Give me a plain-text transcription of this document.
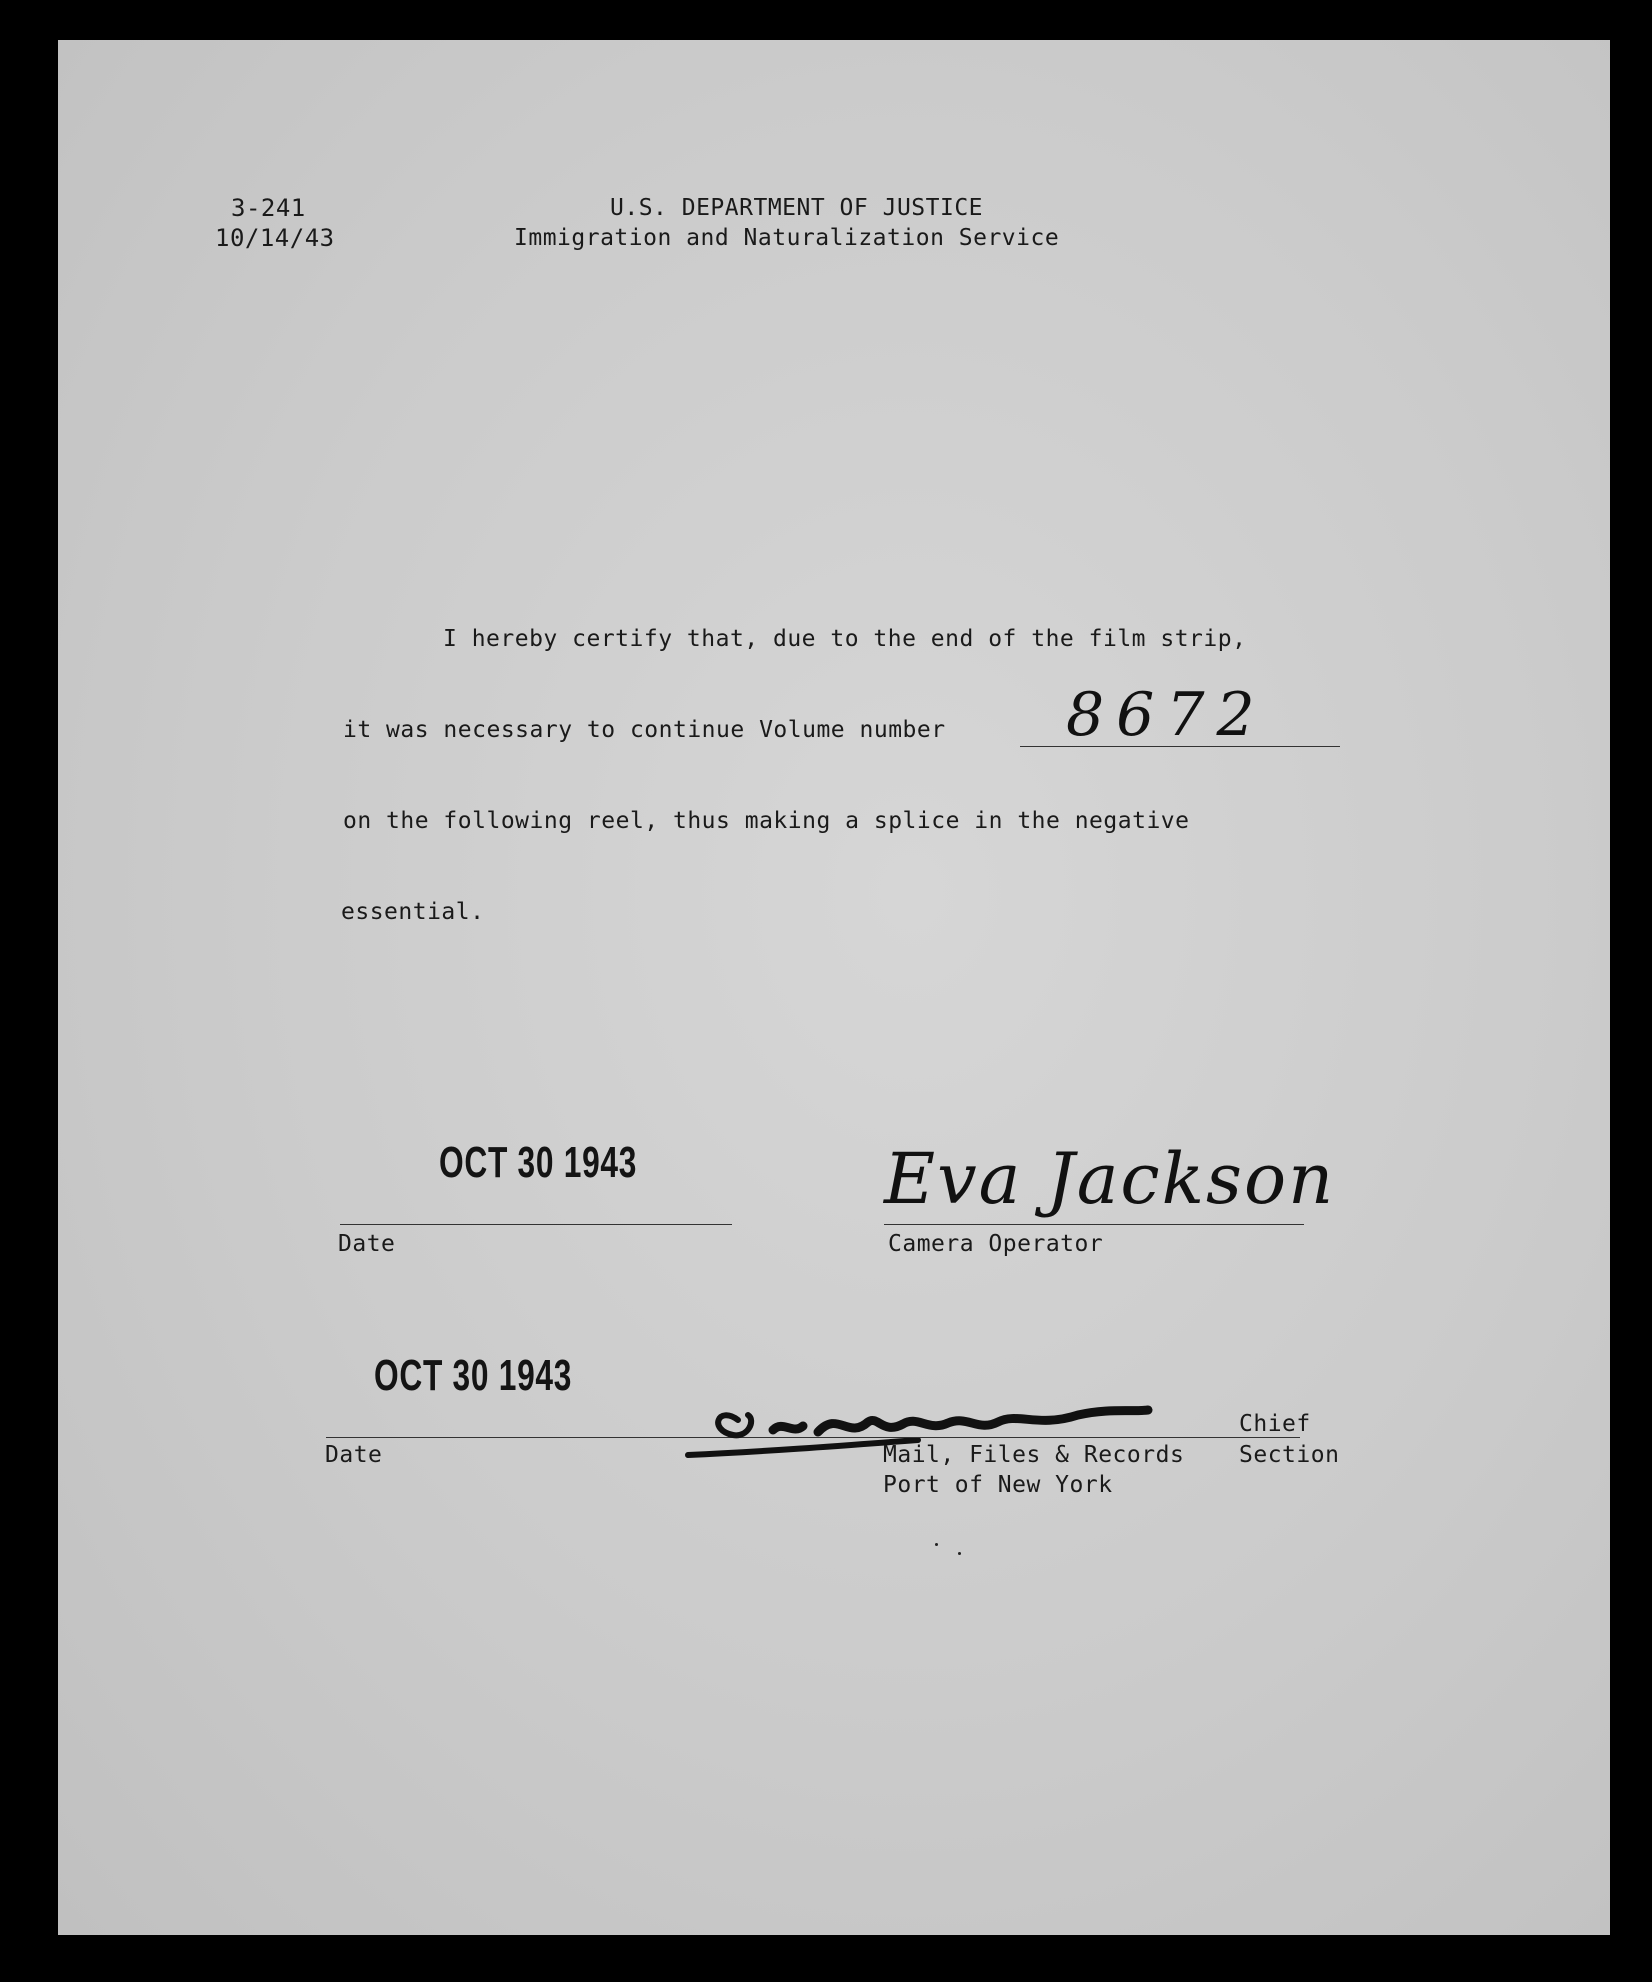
3-241
10/14/43
U.S. DEPARTMENT OF JUSTICE
Immigration and Naturalization Service
I hereby certify that, due to the end of the film strip,
it was necessary to continue Volume number 8672
on the following reel, thus making a splice in the negative
essential.
OCT 30 1943
Date
Eva Jackson
Camera Operator
OCT 30 1943
Date
Chief
Mail, Files & Records Section
Port of New York
